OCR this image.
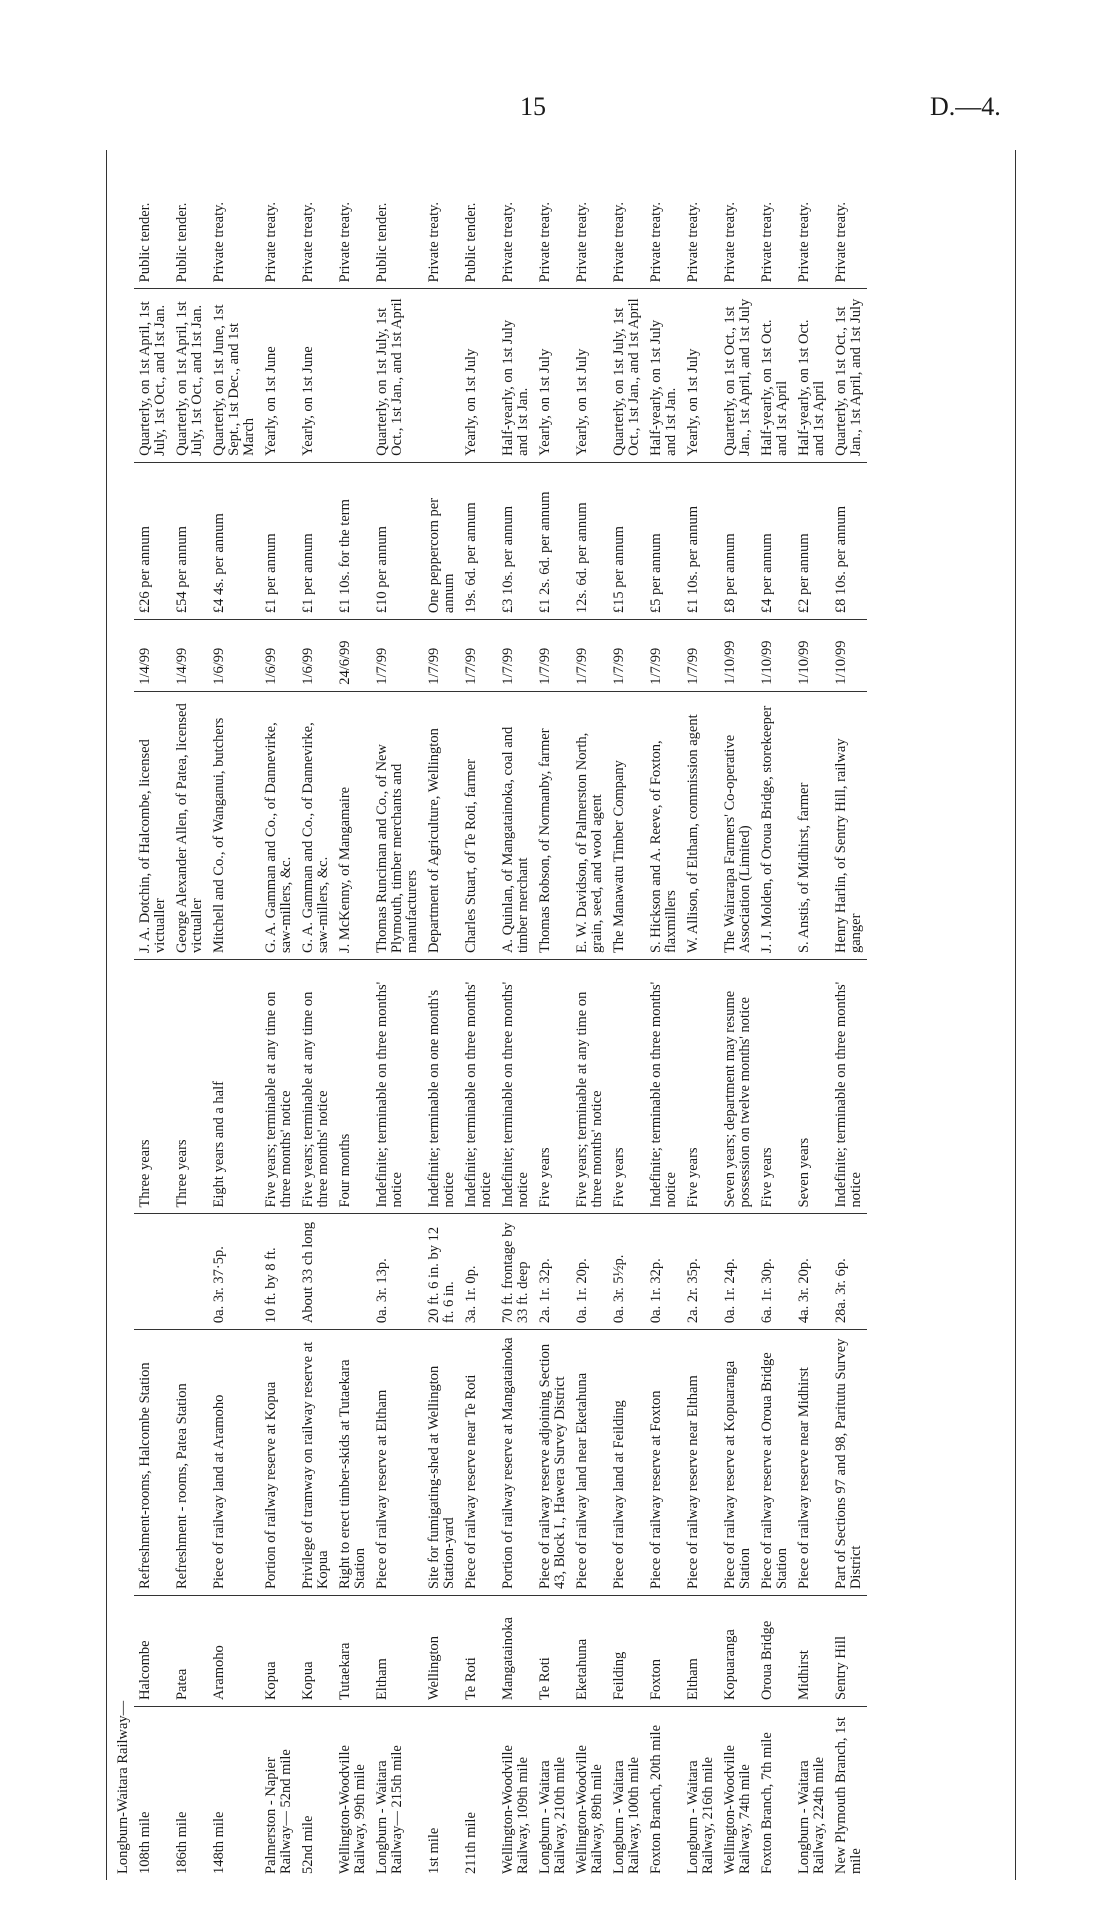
15	D.—4.
Longburn-Waitara Railway—									
108th mile	Halcombe	Refreshment-rooms, Halcombe Station		Three years	J. A. Dotchin, of Halcombe, licensed victualler	1/4/99	£26 per annum	Quarterly, on 1st April, 1st July, 1st Oct., and 1st Jan.	Public tender.
186th mile	Patea	Refreshment - rooms, Patea Station		Three years	George Alexander Allen, of Patea, licensed victualler	1/4/99	£54 per annum	Quarterly, on 1st April, 1st July, 1st Oct., and 1st Jan.	Public tender.
148th mile	Aramoho	Piece of railway land at Aramoho	0a. 3r. 37·5p.	Eight years and a half	Mitchell and Co., of Wanganui, butchers	1/6/99	£4 4s. per annum	Quarterly, on 1st June, 1st Sept., 1st Dec., and 1st March	Private treaty.
Palmerston - Napier Railway— 52nd mile	Kopua	Portion of railway reserve at Kopua	10 ft. by 8 ft.	Five years; terminable at any time on three months' notice	G. A. Gamman and Co., of Dannevirke, saw-millers, &c.	1/6/99	£1 per annum	Yearly, on 1st June	Private treaty.
52nd mile	Kopua	Privilege of tramway on railway reserve at Kopua	About 33 ch long	Five years; terminable at any time on three months' notice	G. A. Gamman and Co., of Dannevirke, saw-millers, &c.	1/6/99	£1 per annum	Yearly, on 1st June	Private treaty.
Wellington-Woodville Railway, 99th mile	Tutaekara	Right to erect timber-skids at Tutaekara Station		Four months	J. McKenny, of Mangamaire	24/6/99	£1 10s. for the term		Private treaty.
Longburn - Waitara Railway— 215th mile	Eltham	Piece of railway reserve at Eltham	0a. 3r. 13p.	Indefinite; terminable on three months' notice	Thomas Runciman and Co., of New Plymouth, timber merchants and manufacturers	1/7/99	£10 per annum	Quarterly, on 1st July, 1st Oct., 1st Jan., and 1st April	Public tender.
1st mile	Wellington	Site for fumigating-shed at Wellington Station-yard	20 ft. 6 in. by 12 ft. 6 in.	Indefinite; terminable on one month's notice	Department of Agriculture, Wellington	1/7/99	One peppercorn per annum		Private treaty.
211th mile	Te Roti	Piece of railway reserve near Te Roti	3a. 1r. 0p.	Indefinite; terminable on three months' notice	Charles Stuart, of Te Roti, farmer	1/7/99	19s. 6d. per annum	Yearly, on 1st July	Public tender.
Wellington-Woodville Railway, 109th mile	Mangatainoka	Portion of railway reserve at Mangatainoka	70 ft. frontage by 33 ft. deep	Indefinite; terminable on three months' notice	A. Quinlan, of Mangatainoka, coal and timber merchant	1/7/99	£3 10s. per annum	Half-yearly, on 1st July and 1st Jan.	Private treaty.
Longburn - Waitara Railway, 210th mile	Te Roti	Piece of railway reserve adjoining Section 43, Block I., Hawera Survey District	2a. 1r. 32p.	Five years	Thomas Robson, of Normanby, farmer	1/7/99	£1 2s. 6d. per annum	Yearly, on 1st July	Private treaty.
Wellington-Woodville Railway, 89th mile	Eketahuna	Piece of railway land near Eketahuna	0a. 1r. 20p.	Five years; terminable at any time on three months' notice	E. W. Davidson, of Palmerston North, grain, seed, and wool agent	1/7/99	12s. 6d. per annum	Yearly, on 1st July	Private treaty.
Longburn - Waitara Railway, 100th mile	Feilding	Piece of railway land at Feilding	0a. 3r. 5½p.	Five years	The Manawatu Timber Company	1/7/99	£15 per annum	Quarterly, on 1st July, 1st Oct., 1st Jan., and 1st April	Private treaty.
Foxton Branch, 20th mile	Foxton	Piece of railway reserve at Foxton	0a. 1r. 32p.	Indefinite; terminable on three months' notice	S. Hickson and A. Reeve, of Foxton, flaxmillers	1/7/99	£5 per annum	Half-yearly, on 1st July and 1st Jan.	Private treaty.
Longburn - Waitara Railway, 216th mile	Eltham	Piece of railway reserve near Eltham	2a. 2r. 35p.	Five years	W. Allison, of Eltham, commission agent	1/7/99	£1 10s. per annum	Yearly, on 1st July	Private treaty.
Wellington-Woodville Railway, 74th mile	Kopuaranga	Piece of railway reserve at Kopuaranga Station	0a. 1r. 24p.	Seven years; department may resume possession on twelve months' notice	The Wairarapa Farmers' Co-operative Association (Limited)	1/10/99	£8 per annum	Quarterly, on 1st Oct., 1st Jan., 1st April, and 1st July	Private treaty.
Foxton Branch, 7th mile	Oroua Bridge	Piece of railway reserve at Oroua Bridge Station	6a. 1r. 30p.	Five years	J. J. Molden, of Oroua Bridge, storekeeper	1/10/99	£4 per annum	Half-yearly, on 1st Oct. and 1st April	Private treaty.
Longburn - Waitara Railway, 224th mile	Midhirst	Piece of railway reserve near Midhirst	4a. 3r. 20p.	Seven years	S. Anstis, of Midhirst, farmer	1/10/99	£2 per annum	Half-yearly, on 1st Oct. and 1st April	Private treaty.
New Plymouth Branch, 1st mile	Sentry Hill	Part of Sections 97 and 98, Paritutu Survey District	28a. 3r. 6p.	Indefinite; terminable on three months' notice	Henry Harlin, of Sentry Hill, railway ganger	1/10/99	£8 10s. per annum	Quarterly, on 1st Oct., 1st Jan., 1st April, and 1st July	Private treaty.
